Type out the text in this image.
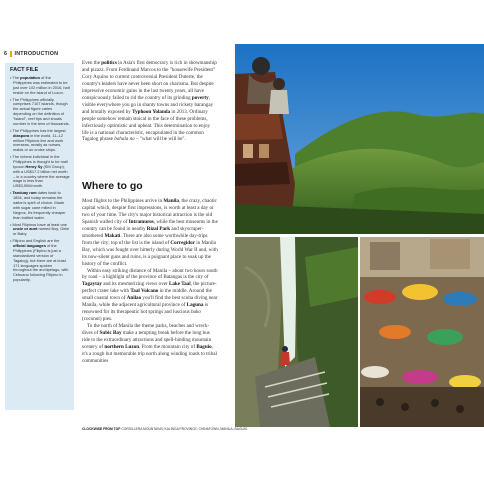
6 INTRODUCTION
FACT FILE

• The population of the Philippines was estimated to be just over 102 million in 2016, half reside on the island of Luzon.

• The Philippines officially comprises 7107 islands, though the actual figure varies depending on the definition of "island", reef tips and shoals number in the tens of thousands.

• The Philippines has the largest diaspora in the world, 11–12 million Filipinos live and work overseas, mostly as nurses, maids or on cruise ships.

• The richest individual in the Philippines is thought to be mall tycoon Henry Sy (SM Group), with a US$17.2 billion net worth – in a country where the average wage is less than US$3,900/month.

• Tanduay rum dates back to 1854, and today remains the nation's spirit of choice. Made with sugar cane milled in Negros, it's frequently cheaper than bottled water.

• Most Filipinos have at least one uncle or aunt named Boy, Girlie or Baby.

• Filipino and English are the official languages of the Philippines (Filipino is just a standardized version of Tagalog), but there are at least 171 languages spoken throughout the archipelago, with Cebuano following Filipino in popularity.

Even the politics in Asia's first democracy is rich in showmanship and pizazz. From Ferdinand Marcos to the "housewife President" Cory Aquino to current controversial President Duterte, the country's leaders have never been short on charisma. But despite impressive economic gains in the last twenty years, all have conspicuously failed to rid the country of its grinding poverty, visible everywhere you go in shanty towns and rickety barangay and brutally exposed by Typhoon Yolanda in 2013. Ordinary people somehow remain stoical in the face of these problems, infectiously optimistic and upbeat. This determination to enjoy life is a national characteristic, encapsulated in the common Tagalog phrase bahala na – "what will be will be".

Where to go

Most flights to the Philippines arrive in Manila, the crazy, chaotic capital which, despite first impressions, is worth at least a day or two of your time. The city's major historical attraction is the old Spanish walled city of Intramuros, while the best museums in the country can be found in nearby Rizal Park and skyscraper-smothered Makati. There are also some worthwhile day-trips from the city; top of the list is the island of Corregidor in Manila Bay, which was fought over bitterly during World War II and, with its now-silent guns and ruins, is a poignant place to soak up the history of the conflict.

Within easy striking distance of Manila – about two hours south by road – a highlight of the province of Batangas is the city of Tagaytay and its mesmerizing views over Lake Taal, the picture-perfect crater lake with Taal Volcano in the middle. Around the small coastal town of Anilao you'll find the best scuba diving near Manila, while the adjacent agricultural province of Laguna is renowned for its therapeutic hot springs and luscious buko (coconut) pies.

To the north of Manila the theme parks, beaches and wreck-dives of Subic Bay make a tempting break before the long bus ride to the extraordinary attractions and spell-binding mountain scenery of northern Luzon. From the mountain city of Baguio, it's a rough but memorable trip north along winding roads to tribal communities

CLOCKWISE FROM TOP CORDILLERA MOUNTAINS; KALINGA PROVINCE; CHINATOWN, MANILA; BAGUIO
